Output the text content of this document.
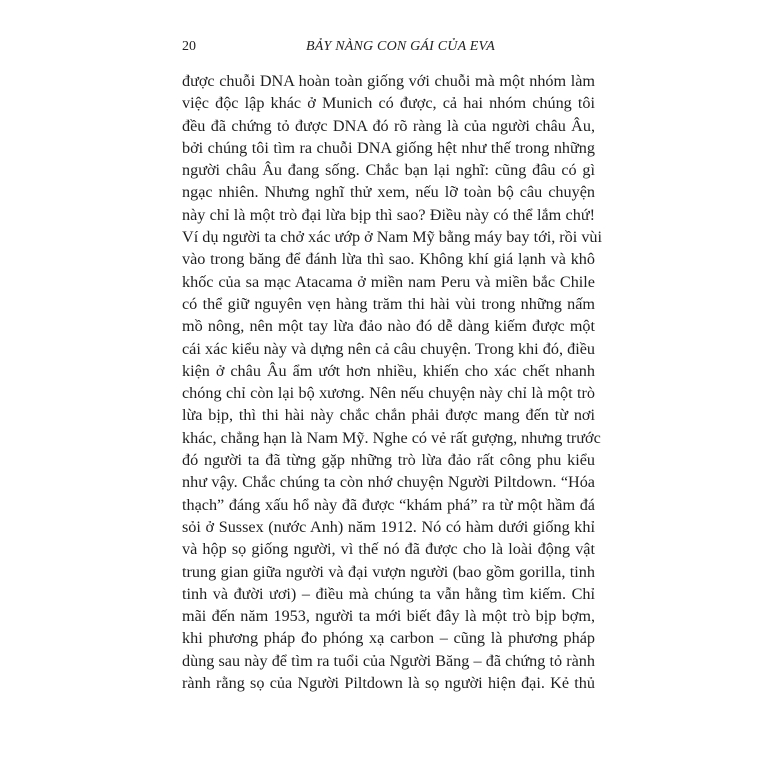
20	BẢY NÀNG CON GÁI CỦA EVA
được chuỗi DNA hoàn toàn giống với chuỗi mà một nhóm làm
việc độc lập khác ở Munich có được, cả hai nhóm chúng tôi
đều đã chứng tỏ được DNA đó rõ ràng là của người châu Âu,
bởi chúng tôi tìm ra chuỗi DNA giống hệt như thế trong những
người châu Âu đang sống. Chắc bạn lại nghĩ: cũng đâu có gì
ngạc nhiên. Nhưng nghĩ thử xem, nếu lỡ toàn bộ câu chuyện
này chỉ là một trò đại lừa bịp thì sao? Điều này có thể lắm chứ!
Ví dụ người ta chở xác ướp ở Nam Mỹ bằng máy bay tới, rồi vùi
vào trong băng để đánh lừa thì sao. Không khí giá lạnh và khô
khốc của sa mạc Atacama ở miền nam Peru và miền bắc Chile
có thể giữ nguyên vẹn hàng trăm thi hài vùi trong những nấm
mồ nông, nên một tay lừa đảo nào đó dễ dàng kiếm được một
cái xác kiểu này và dựng nên cả câu chuyện. Trong khi đó, điều
kiện ở châu Âu ẩm ướt hơn nhiều, khiến cho xác chết nhanh
chóng chỉ còn lại bộ xương. Nên nếu chuyện này chỉ là một trò
lừa bịp, thì thi hài này chắc chắn phải được mang đến từ nơi
khác, chẳng hạn là Nam Mỹ. Nghe có vẻ rất gượng, nhưng trước
đó người ta đã từng gặp những trò lừa đảo rất công phu kiểu
như vậy. Chắc chúng ta còn nhớ chuyện Người Piltdown. “Hóa
thạch” đáng xấu hổ này đã được “khám phá” ra từ một hầm đá
sỏi ở Sussex (nước Anh) năm 1912. Nó có hàm dưới giống khỉ
và hộp sọ giống người, vì thế nó đã được cho là loài động vật
trung gian giữa người và đại vượn người (bao gồm gorilla, tinh
tinh và đười ươi) – điều mà chúng ta vẫn hằng tìm kiếm. Chỉ
mãi đến năm 1953, người ta mới biết đây là một trò bịp bợm,
khi phương pháp đo phóng xạ carbon – cũng là phương pháp
dùng sau này để tìm ra tuổi của Người Băng – đã chứng tỏ rành
rành rằng sọ của Người Piltdown là sọ người hiện đại. Kẻ thủ
